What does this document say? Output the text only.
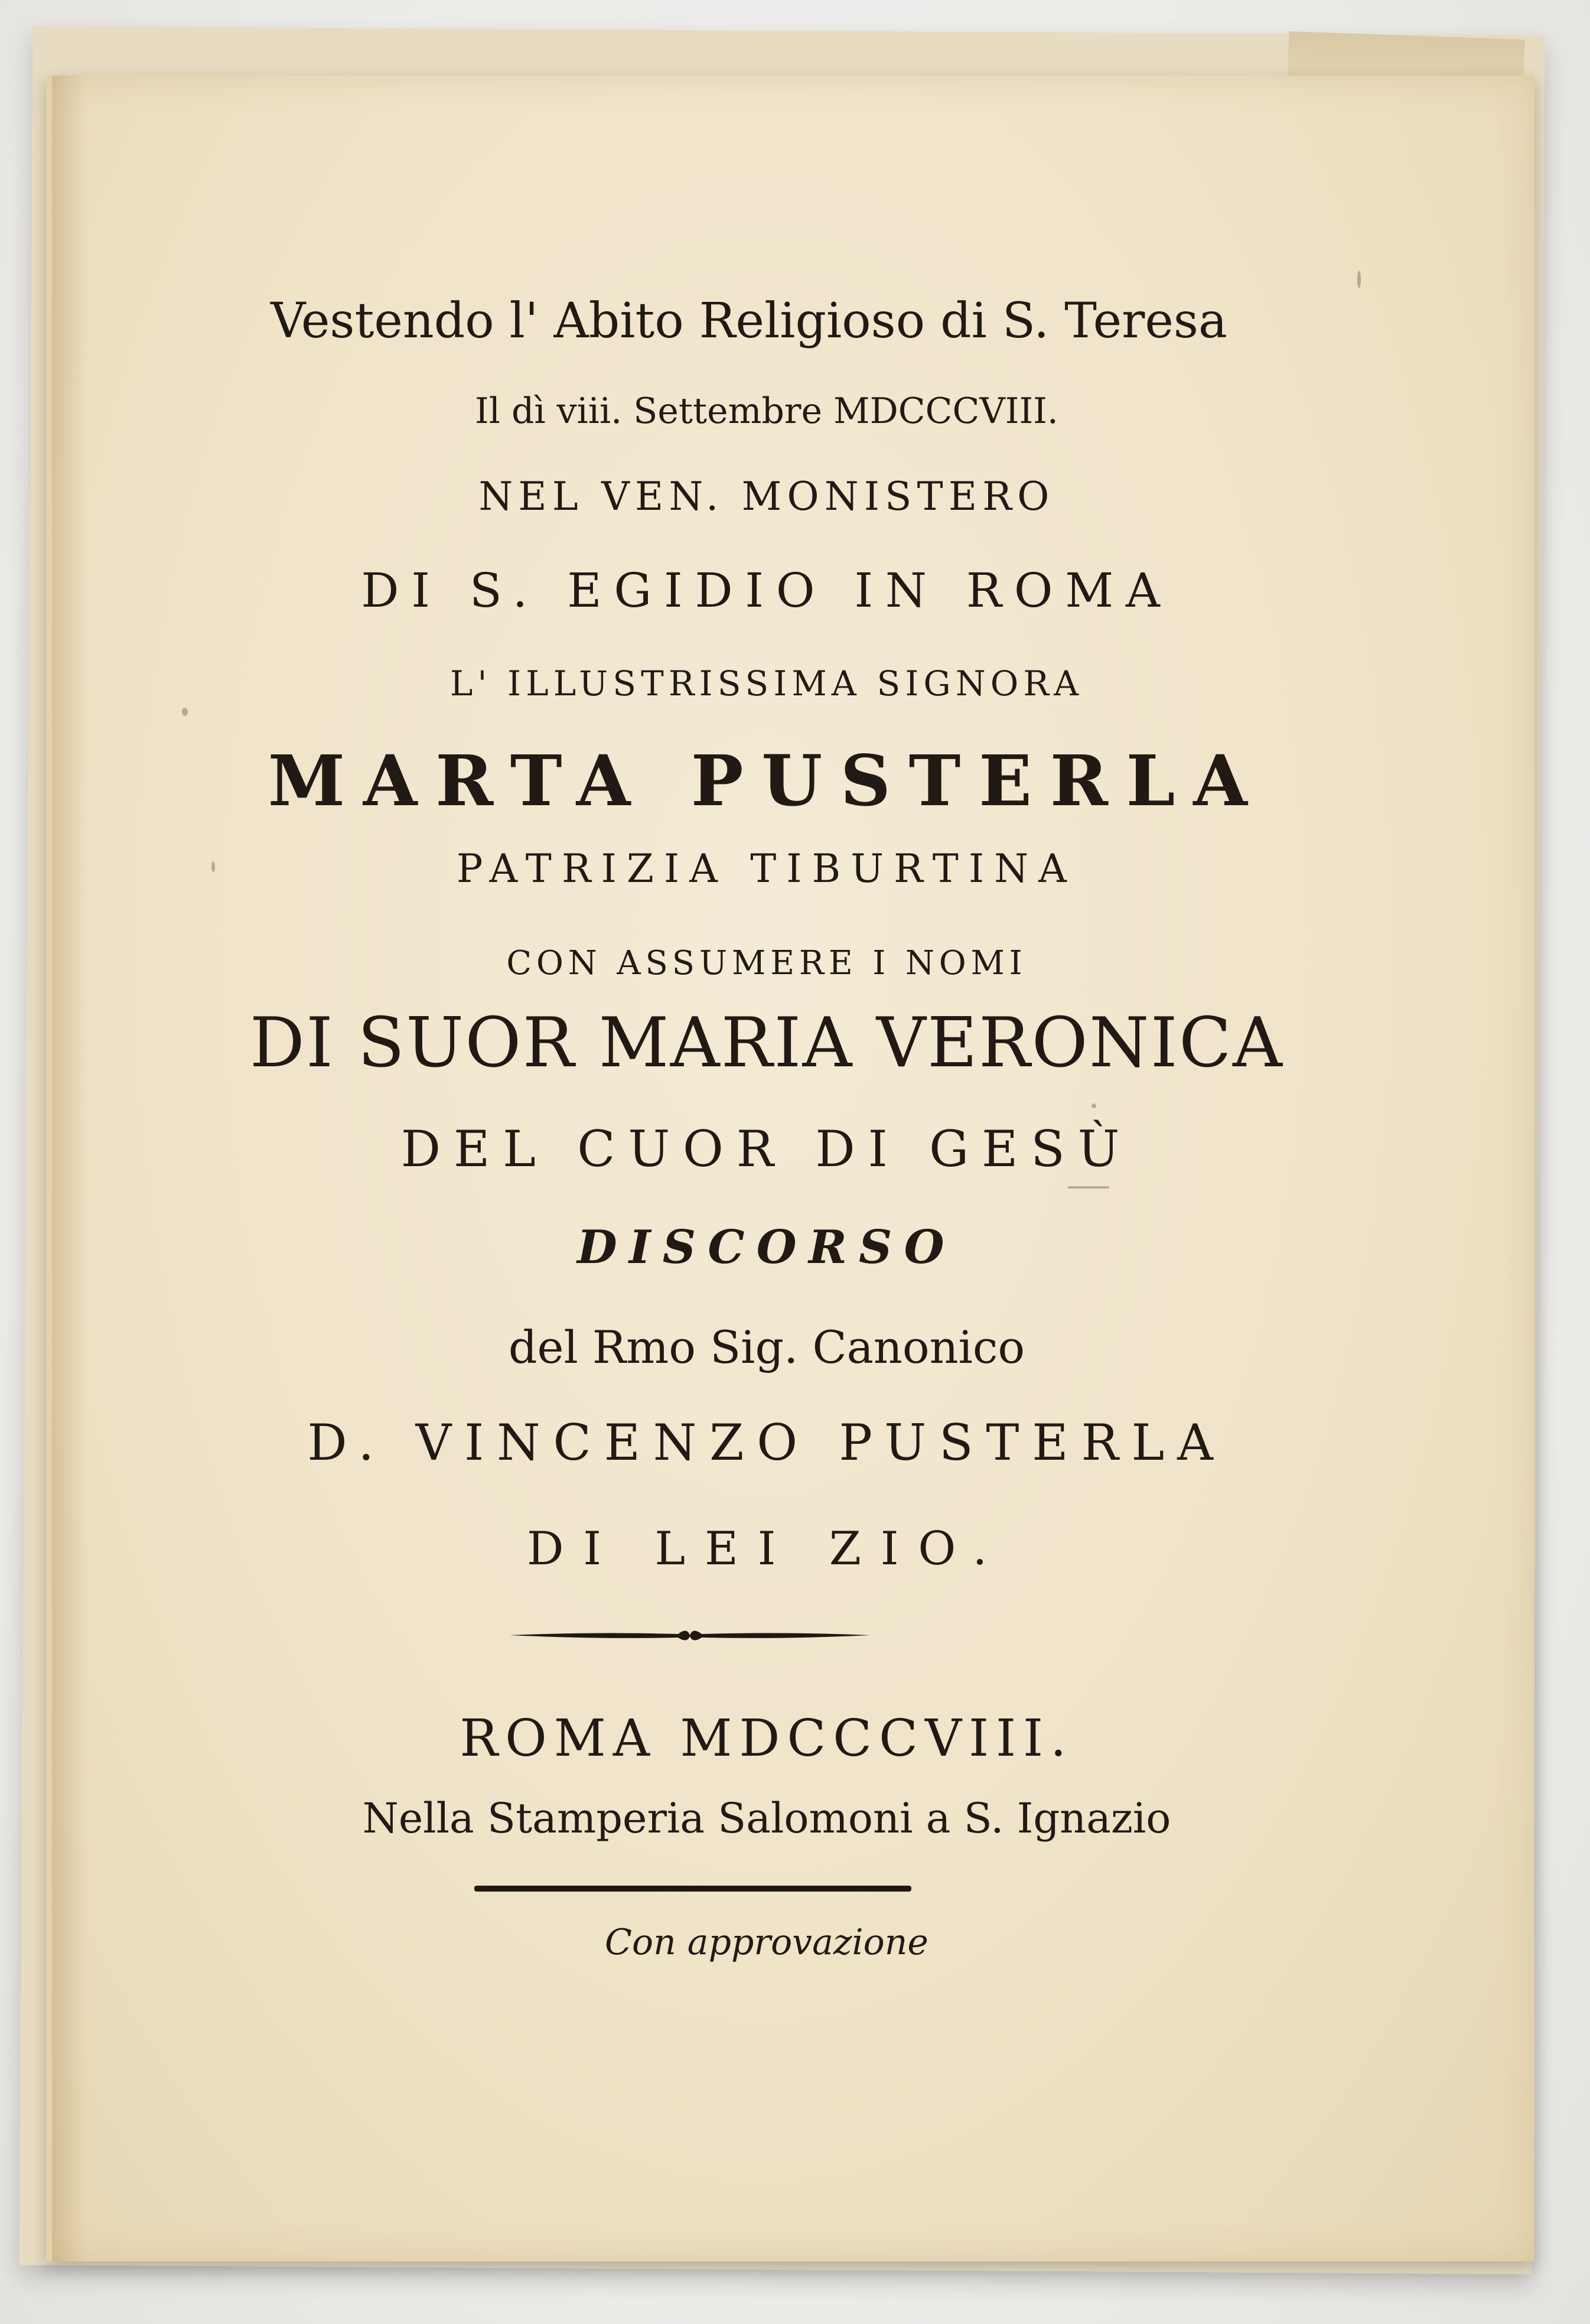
Vestendo l' Abito Religioso di S. Teresa
Il dì viii. Settembre MDCCCVIII.
NEL VEN. MONISTERO
DI S. EGIDIO IN ROMA
L' ILLUSTRISSIMA SIGNORA
MARTA PUSTERLA
PATRIZIA TIBURTINA
CON ASSUMERE I NOMI
DI SUOR MARIA VERONICA
DEL CUOR DI GESÙ
DISCORSO
del Rmo Sig. Canonico
D. VINCENZO PUSTERLA
DI LEI ZIO.
ROMA MDCCCVIII.
Nella Stamperia Salomoni a S. Ignazio
Con approvazione
